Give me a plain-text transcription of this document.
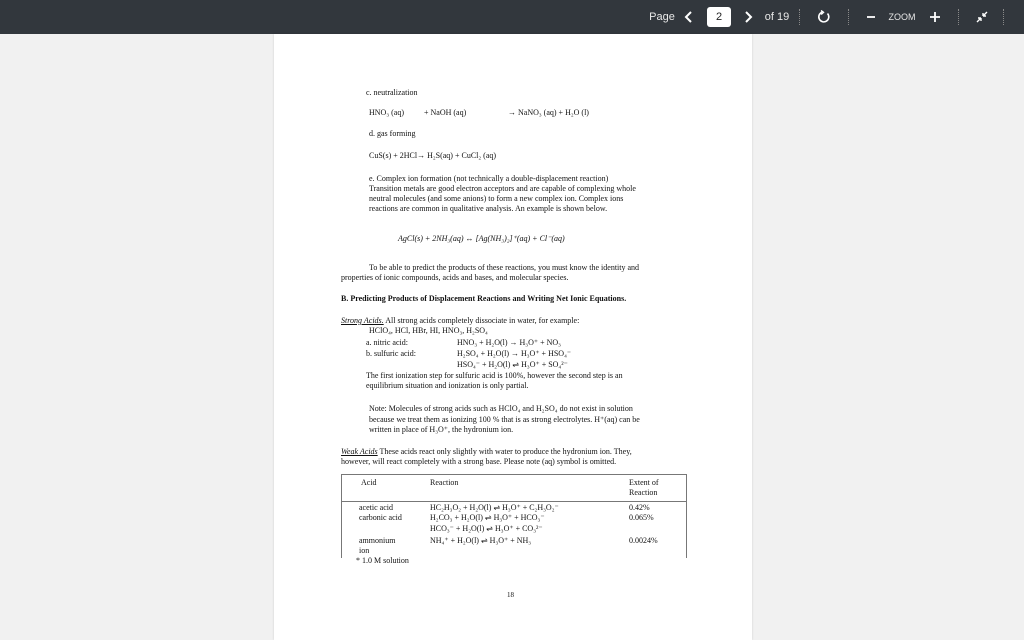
Page	2	of 19	ZOOM
c. neutralization
HNO₃ (aq)	+ NaOH (aq)	→ NaNO₃ (aq) + H₂O (l)
d. gas forming
CuS(s) + 2HCl→ H₂S(aq) + CuCl₂ (aq)
e. Complex ion formation (not technically a double-displacement reaction)
Transition metals are good electron acceptors and are capable of complexing whole
neutral molecules (and some anions) to form a new complex ion. Complex ions
reactions are common in qualitative analysis. An example is shown below.
AgCl(s) + 2NH₃(aq) ↔ [Ag(NH₃)₂]⁺(aq) + Cl⁻(aq)
To be able to predict the products of these reactions, you must know the identity and
properties of ionic compounds, acids and bases, and molecular species.
B. Predicting Products of Displacement Reactions and Writing Net Ionic Equations.
Strong Acids. All strong acids completely dissociate in water, for example:
HClO₄, HCl, HBr, HI, HNO₃, H₂SO₄
a. nitric acid:	HNO₃ + H₂O(l) → H₃O⁺ + NO₃
b. sulfuric acid:	H₂SO₄ + H₂O(l) → H₃O⁺ + HSO₄⁻
HSO₄⁻ + H₂O(l) ⇌ H₃O⁺ + SO₄²⁻
The first ionization step for sulfuric acid is 100%, however the second step is an
equilibrium situation and ionization is only partial.
Note: Molecules of strong acids such as HClO₄ and H₂SO₄ do not exist in solution
because we treat them as ionizing 100 % that is as strong electrolytes. H⁺(aq) can be
written in place of H₃O⁺, the hydronium ion.
Weak Acids These acids react only slightly with water to produce the hydronium ion. They,
however, will react completely with a strong base. Please note (aq) symbol is omitted.
Acid	Reaction	Extent of
Reaction
acetic acid	HC₂H₃O₂ + H₂O(l) ⇌ H₃O⁺ + C₂H₃O₂⁻	0.42%
carbonic acid	H₂CO₃ + H₂O(l) ⇌ H₃O⁺ + HCO₃⁻	0.065%
HCO₃⁻ + H₂O(l) ⇌ H₃O⁺ + CO₃²⁻
ammonium	NH₄⁺ + H₂O(l) ⇌ H₃O⁺ + NH₃	0.0024%
ion
* 1.0 M solution
18
